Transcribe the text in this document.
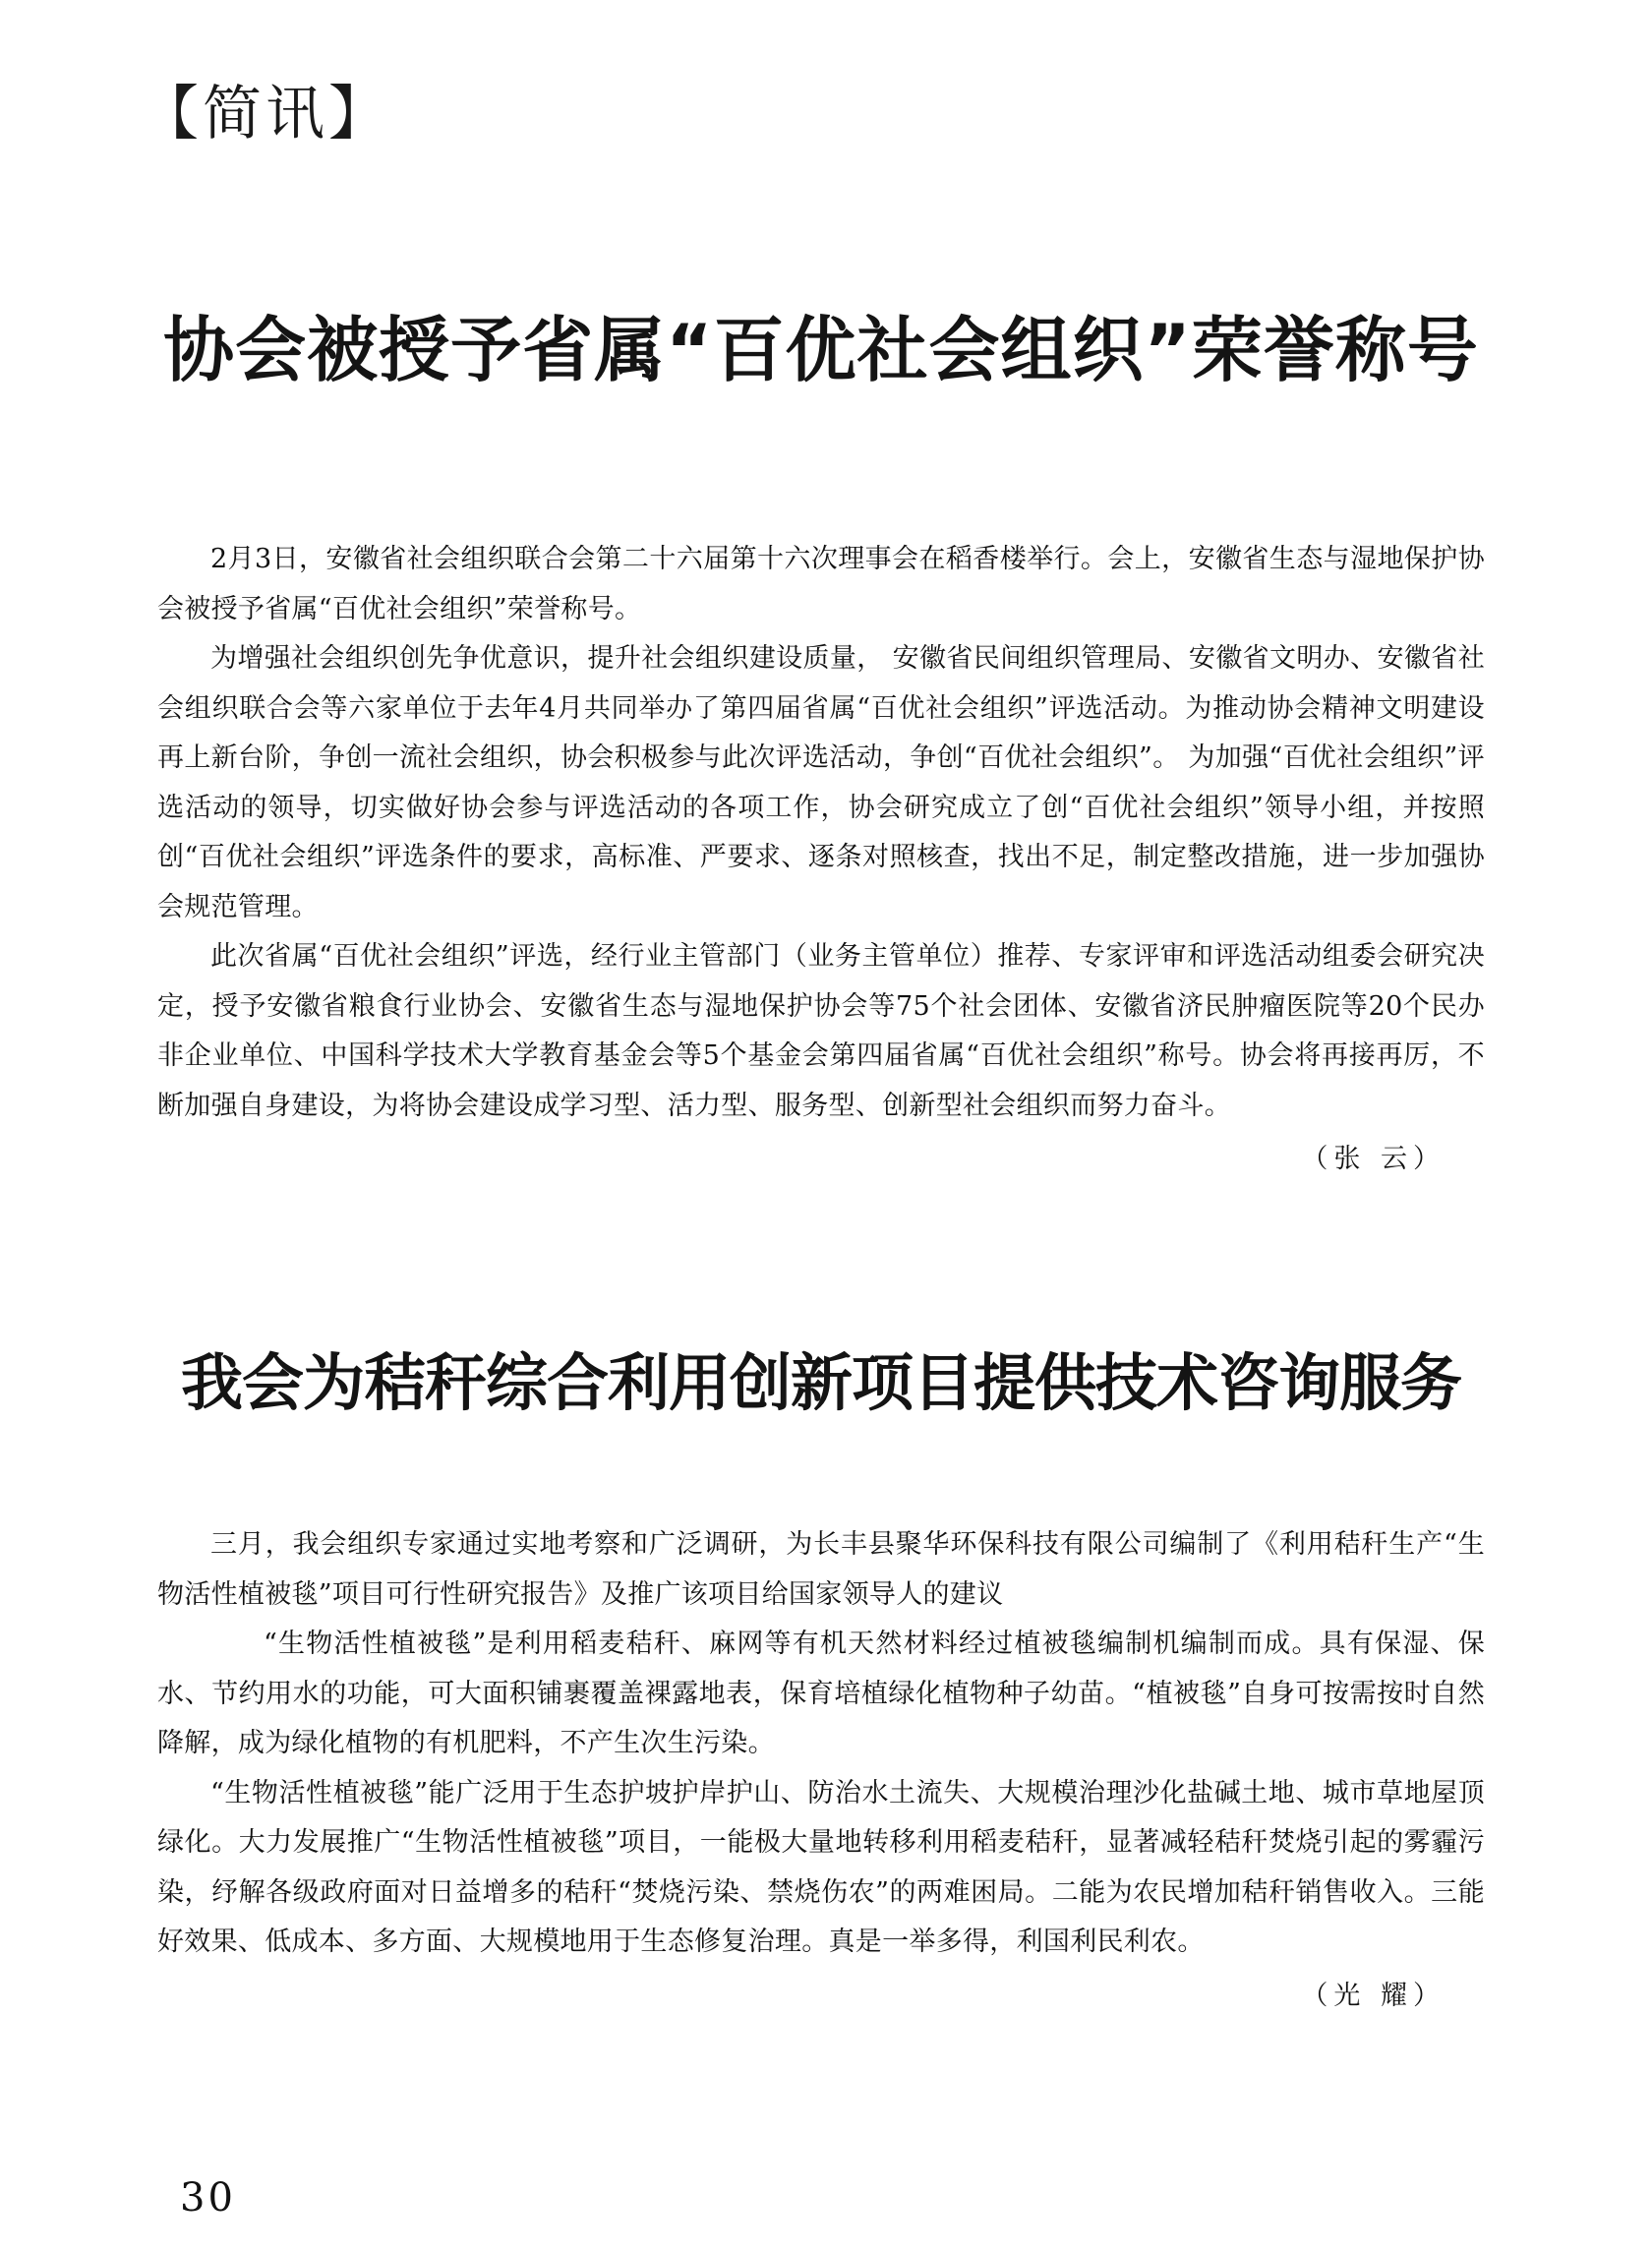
【简讯】
协会被授予省属“百优社会组织”荣誉称号

2月3日，安徽省社会组织联合会第二十六届第十六次理事会在稻香楼举行。会上，安徽省生态与湿地保护协会被授予省属“百优社会组织”荣誉称号。

为增强社会组织创先争优意识，提升社会组织建设质量， 安徽省民间组织管理局、安徽省文明办、安徽省社会组织联合会等六家单位于去年4月共同举办了第四届省属“百优社会组织”评选活动。为推动协会精神文明建设再上新台阶，争创一流社会组织，协会积极参与此次评选活动，争创“百优社会组织”。 为加强“百优社会组织”评选活动的领导，切实做好协会参与评选活动的各项工作，协会研究成立了创“百优社会组织”领导小组，并按照创“百优社会组织”评选条件的要求，高标准、严要求、逐条对照核查，找出不足，制定整改措施，进一步加强协会规范管理。

此次省属“百优社会组织”评选，经行业主管部门（业务主管单位）推荐、专家评审和评选活动组委会研究决定，授予安徽省粮食行业协会、安徽省生态与湿地保护协会等75个社会团体、安徽省济民肿瘤医院等20个民办非企业单位、中国科学技术大学教育基金会等5个基金会第四届省属“百优社会组织”称号。协会将再接再厉，不断加强自身建设，为将协会建设成学习型、活力型、服务型、创新型社会组织而努力奋斗。

（张 云）
我会为秸秆综合利用创新项目提供技术咨询服务

三月，我会组织专家通过实地考察和广泛调研，为长丰县聚华环保科技有限公司编制了《利用秸秆生产“生物活性植被毯”项目可行性研究报告》及推广该项目给国家领导人的建议

“生物活性植被毯”是利用稻麦秸秆、麻网等有机天然材料经过植被毯编制机编制而成。具有保湿、保水、节约用水的功能，可大面积铺裹覆盖裸露地表，保育培植绿化植物种子幼苗。“植被毯”自身可按需按时自然降解，成为绿化植物的有机肥料，不产生次生污染。

“生物活性植被毯”能广泛用于生态护坡护岸护山、防治水土流失、大规模治理沙化盐碱土地、城市草地屋顶绿化。大力发展推广“生物活性植被毯”项目，一能极大量地转移利用稻麦秸秆，显著减轻秸秆焚烧引起的雾霾污染，纾解各级政府面对日益增多的秸秆“焚烧污染、禁烧伤农”的两难困局。二能为农民增加秸秆销售收入。三能好效果、低成本、多方面、大规模地用于生态修复治理。真是一举多得，利国利民利农。

（光 耀）
30
